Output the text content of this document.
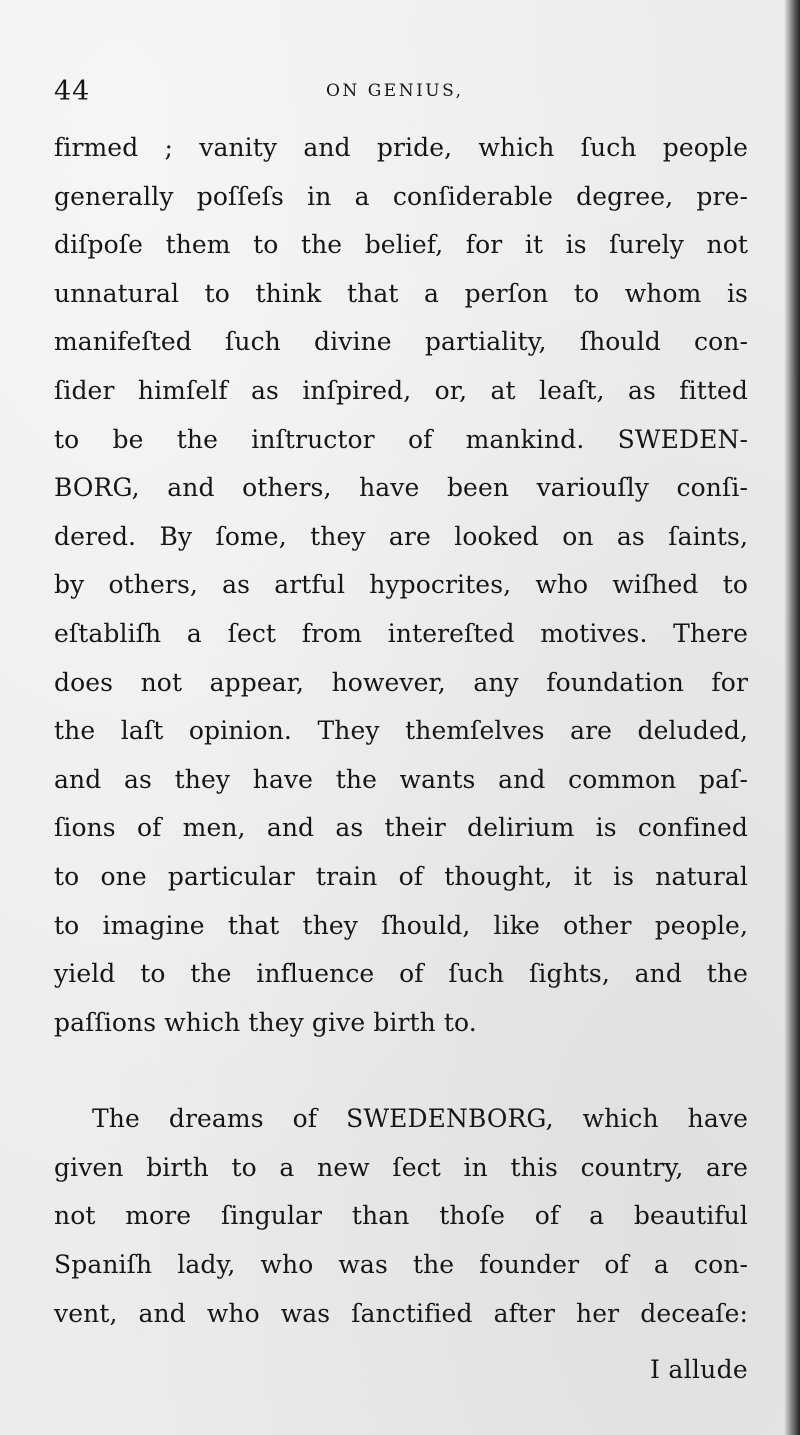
44	ON GENIUS,
firmed ; vanity and pride, which ſuch people
generally poſſeſs in a conſiderable degree, pre-
diſpoſe them to the belief, for it is ſurely not
unnatural to think that a perſon to whom is
manifeſted ſuch divine partiality, ſhould con-
ſider himſelf as inſpired, or, at leaſt, as fitted
to be the inſtructor of mankind. SWEDEN-
BORG, and others, have been variouſly conſi-
dered. By ſome, they are looked on as ſaints,
by others, as artful hypocrites, who wiſhed to
eſtabliſh a ſect from intereſted motives. There
does not appear, however, any foundation for
the laſt opinion. They themſelves are deluded,
and as they have the wants and common paſ-
ſions of men, and as their delirium is confined
to one particular train of thought, it is natural
to imagine that they ſhould, like other people,
yield to the influence of ſuch ſights, and the
paſſions which they give birth to.
The dreams of SWEDENBORG, which have
given birth to a new ſect in this country, are
not more ſingular than thoſe of a beautiful
Spaniſh lady, who was the founder of a con-
vent, and who was ſanctified after her deceaſe:
I allude
